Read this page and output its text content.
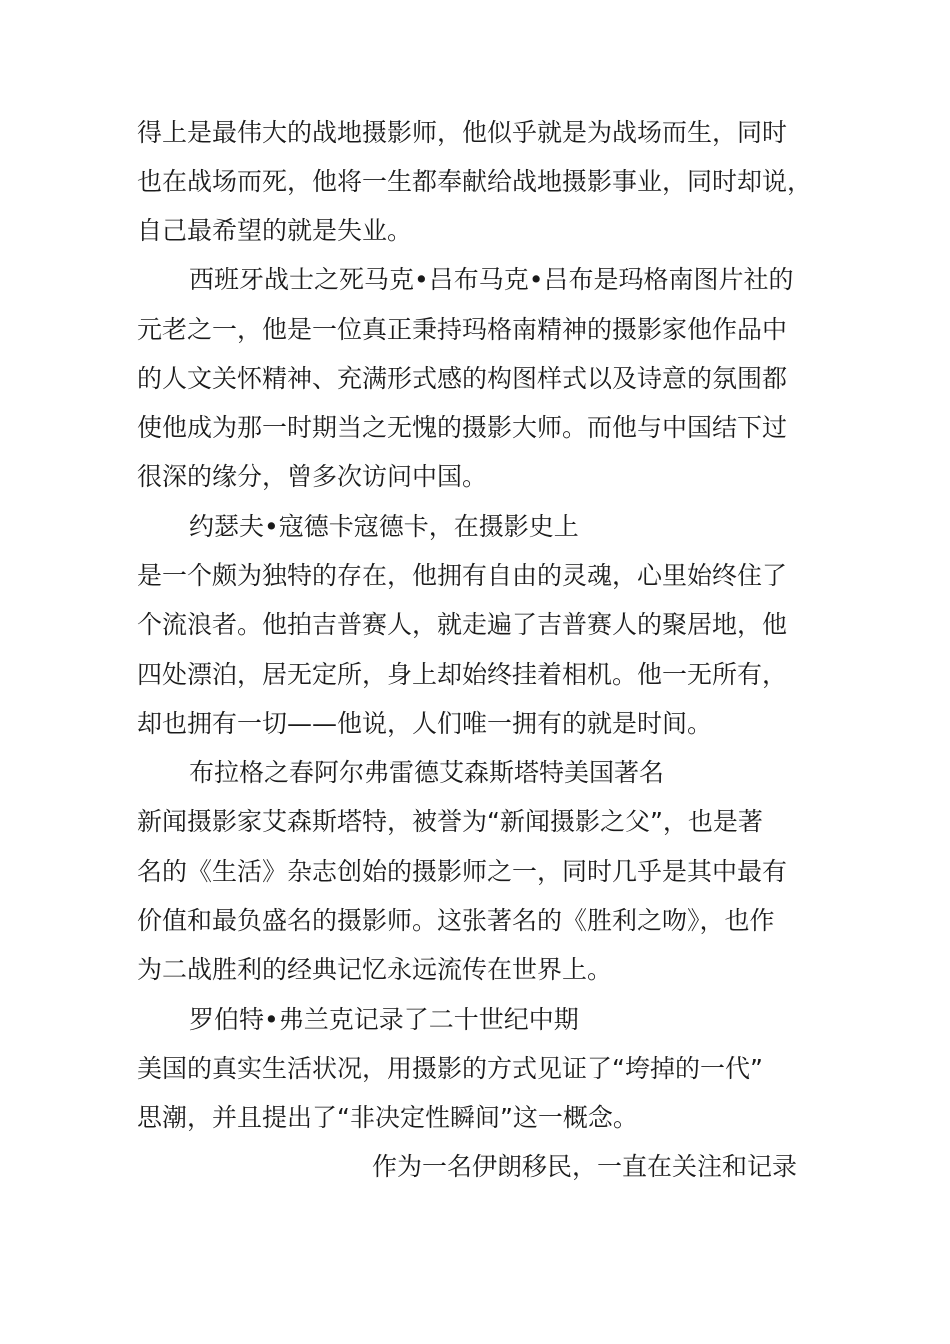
得上是最伟大的战地摄影师，他似乎就是为战场而生，同时
也在战场而死，他将一生都奉献给战地摄影事业，同时却说，
自己最希望的就是失业。
西班牙战士之死马克•吕布马克•吕布是玛格南图片社的
元老之一，他是一位真正秉持玛格南精神的摄影家他作品中
的人文关怀精神、充满形式感的构图样式以及诗意的氛围都
使他成为那一时期当之无愧的摄影大师。而他与中国结下过
很深的缘分，曾多次访问中国。
约瑟夫•寇德卡寇德卡，在摄影史上
是一个颇为独特的存在，他拥有自由的灵魂，心里始终住了
个流浪者。他拍吉普赛人，就走遍了吉普赛人的聚居地，他
四处漂泊，居无定所，身上却始终挂着相机。他一无所有，
却也拥有一切——他说，人们唯一拥有的就是时间。
布拉格之春阿尔弗雷德艾森斯塔特美国著名
新闻摄影家艾森斯塔特，被誉为“新闻摄影之父”，也是著
名的《生活》杂志创始的摄影师之一，同时几乎是其中最有
价值和最负盛名的摄影师。这张著名的《胜利之吻》，也作
为二战胜利的经典记忆永远流传在世界上。
罗伯特•弗兰克记录了二十世纪中期
美国的真实生活状况，用摄影的方式见证了“垮掉的一代”
思潮，并且提出了“非决定性瞬间”这一概念。
作为一名伊朗移民，一直在关注和记录
